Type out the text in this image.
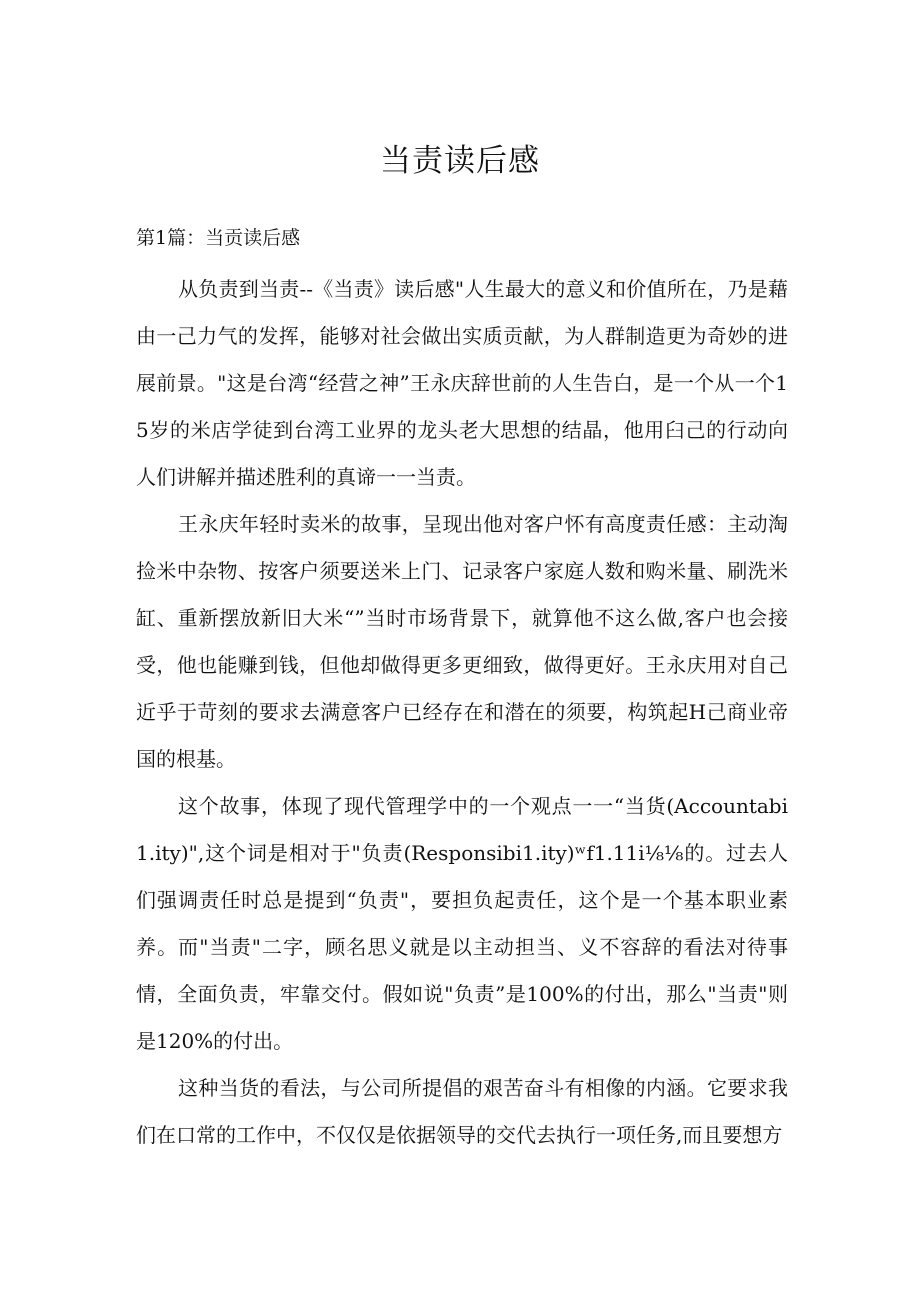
当责读后感
第1篇：当贡读后感

从负责到当责--《当责》读后感"人生最大的意义和价值所在，乃是藉由一己力气的发挥，能够对社会做出实质贡献，为人群制造更为奇妙的进展前景。"这是台湾“经营之神”王永庆辞世前的人生告白，是一个从一个15岁的米店学徒到台湾工业界的龙头老大思想的结晶，他用臼己的行动向人们讲解并描述胜利的真谛一一当责。

王永庆年轻时卖米的故事，呈现出他对客户怀有高度责任感：主动淘捡米中杂物、按客户须要送米上门、记录客户家庭人数和购米量、刷洗米缸、重新摆放新旧大米“”当时市场背景下，就算他不这么做,客户也会接受，他也能赚到钱，但他却做得更多更细致，做得更好。王永庆用对自己近乎于苛刻的要求去满意客户已经存在和潜在的须要，构筑起H己商业帝国的根基。

这个故事，体现了现代管理学中的一个观点一一“当货(Accountabi1.ity)",这个词是相对于"负责(Responsibi1.ity)ʷf1.11i⅛⅛的。过去人们强调责任时总是提到“负责"，要担负起责任，这个是一个基本职业素养。而"当责"二字，顾名思义就是以主动担当、义不容辞的看法对待事情，全面负责，牢靠交付。假如说"负责”是100%的付出，那么"当责"则是120%的付出。

这种当货的看法，与公司所提倡的艰苦奋斗有相像的内涵。它要求我们在口常的工作中，不仅仅是依据领导的交代去执行一项任务,而且要想方
